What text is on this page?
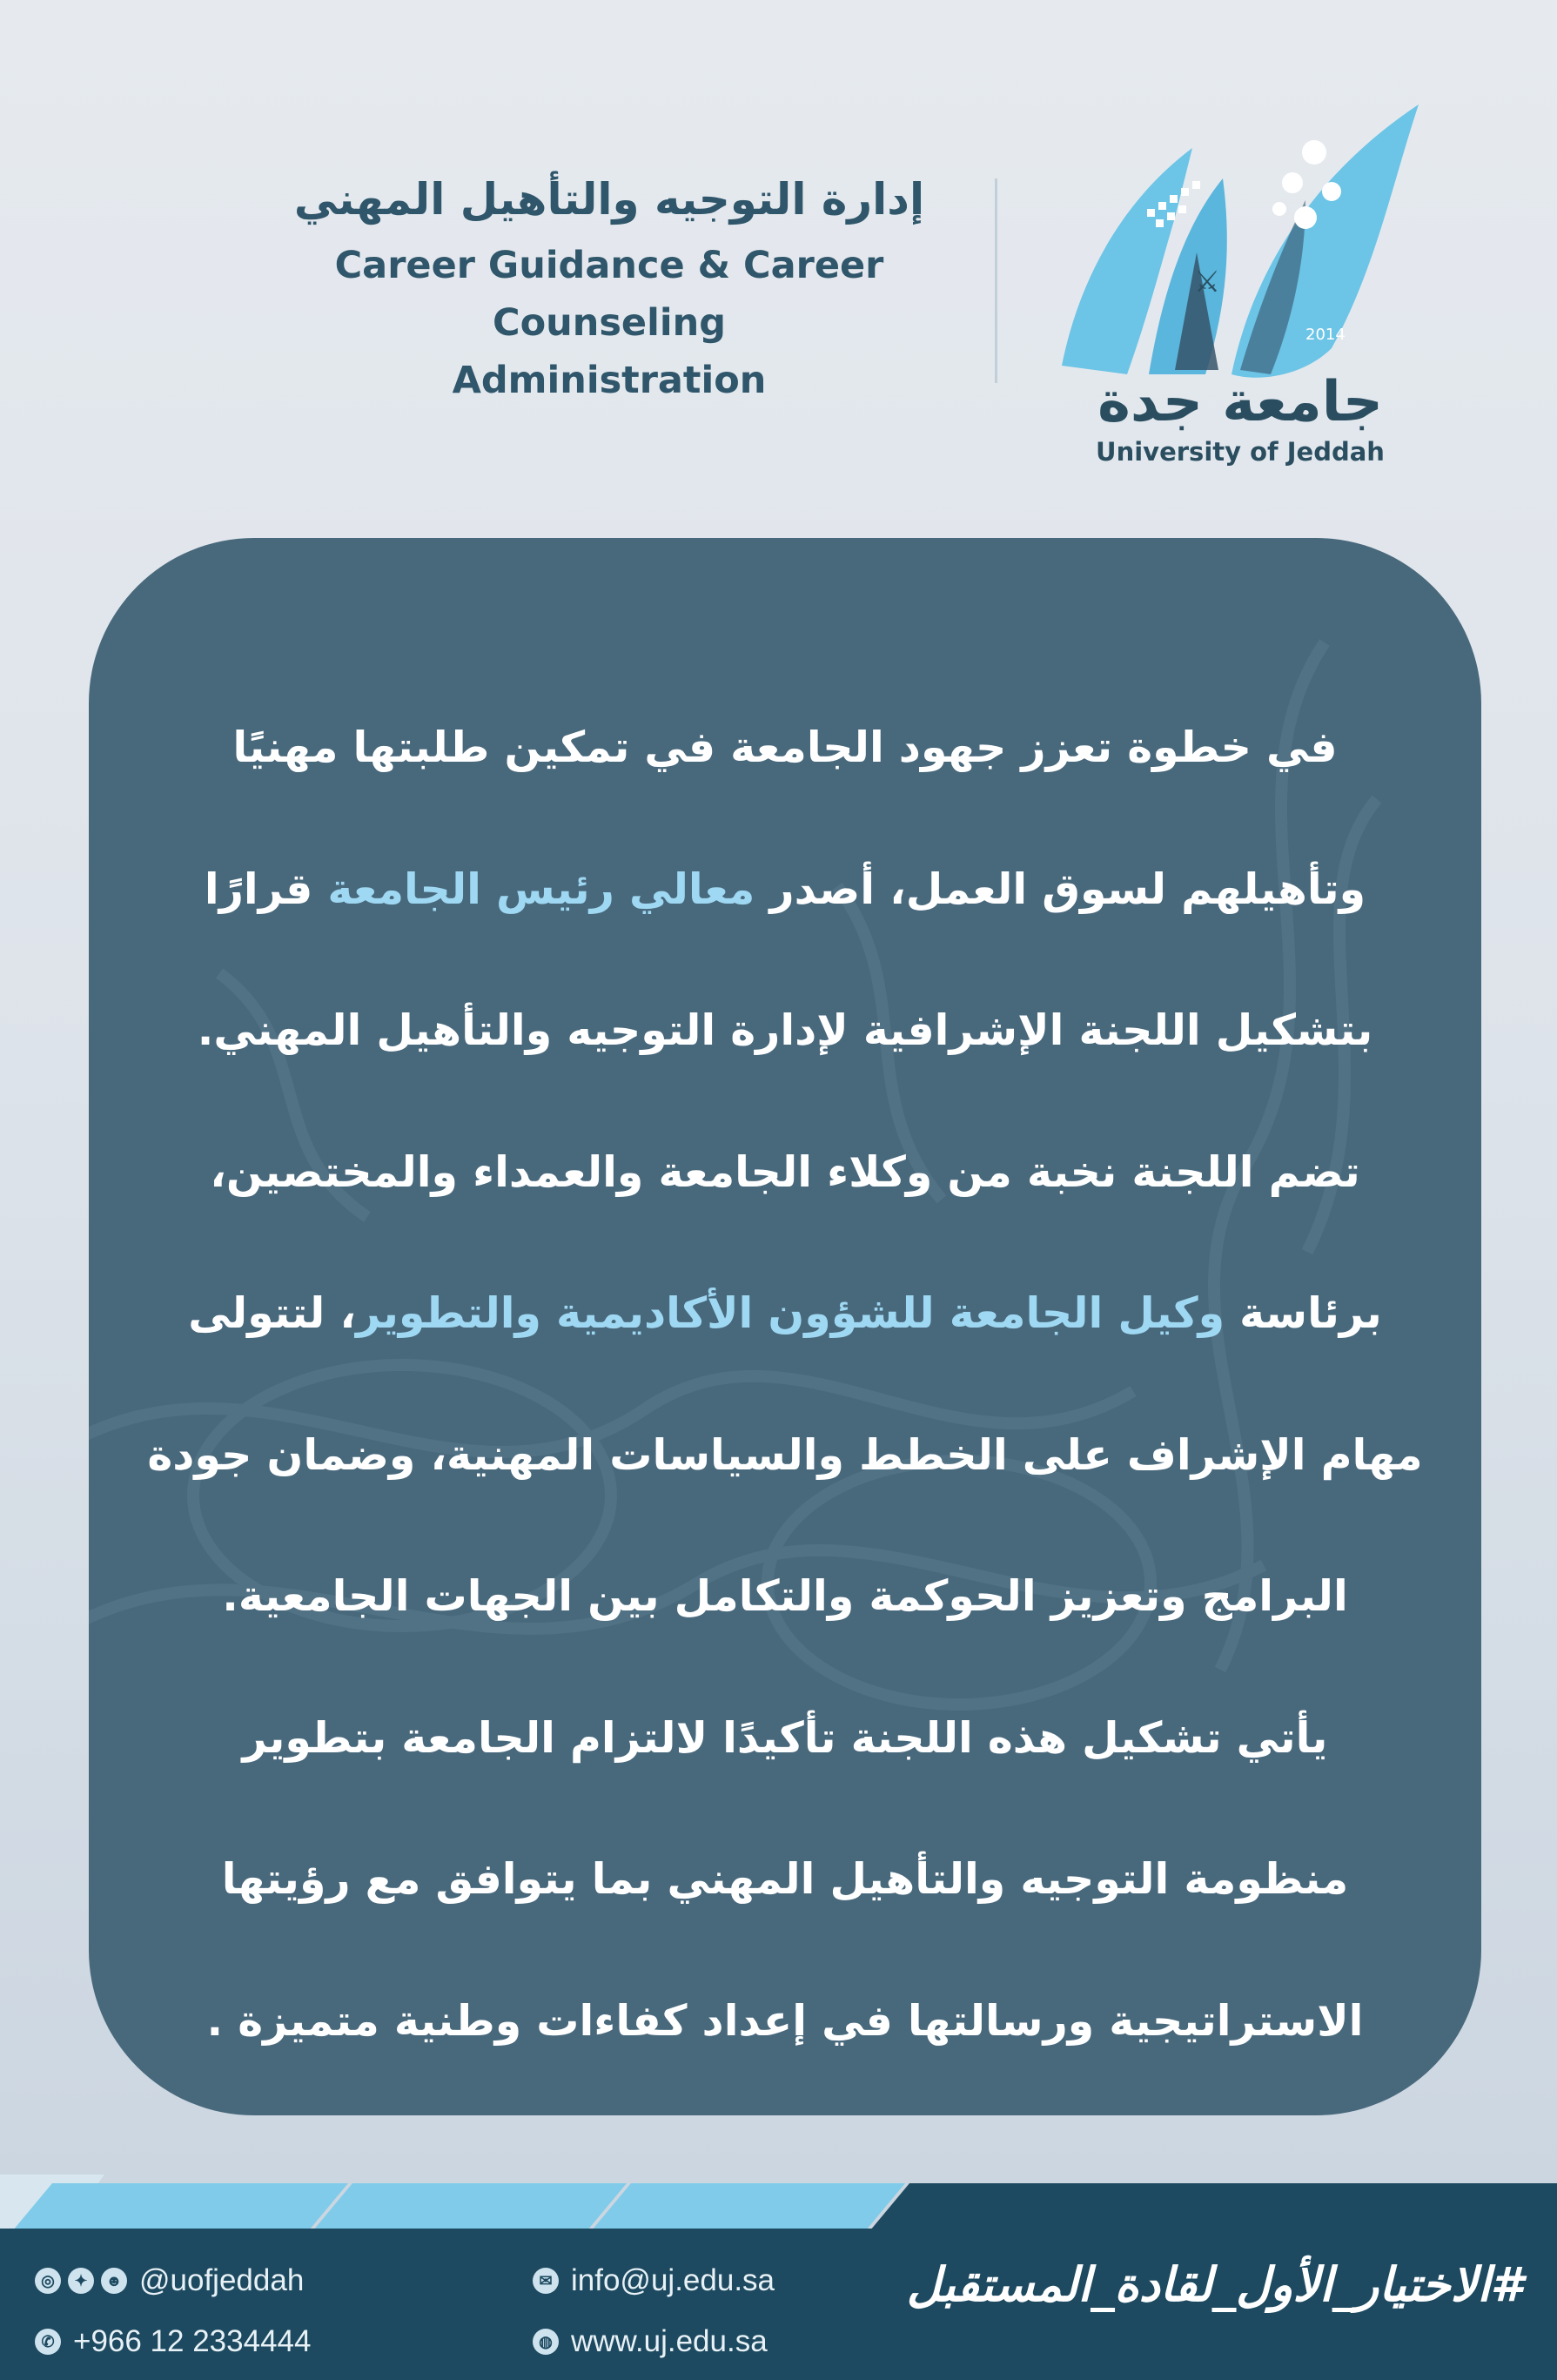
إدارة التوجيه والتأهيل المهني
Career Guidance & Career Counseling
Administration
⚔
2014
جامعة جدة
University of Jeddah
في خطوة تعزز جهود الجامعة في تمكين طلبتها مهنيًا
وتأهيلهم لسوق العمل، أصدر معالي رئيس الجامعة قرارًا
بتشكيل اللجنة الإشرافية لإدارة التوجيه والتأهيل المهني.
تضم اللجنة نخبة من وكلاء الجامعة والعمداء والمختصين،
برئاسة وكيل الجامعة للشؤون الأكاديمية والتطوير، لتتولى
مهام الإشراف على الخطط والسياسات المهنية، وضمان جودة
البرامج وتعزيز الحوكمة والتكامل بين الجهات الجامعية.
يأتي تشكيل هذه اللجنة تأكيدًا لالتزام الجامعة بتطوير
منظومة التوجيه والتأهيل المهني بما يتوافق مع رؤيتها
الاستراتيجية ورسالتها في إعداد كفاءات وطنية متميزة .
#الاختيار_الأول_لقادة_المستقبل
◎	✦	☻ @uofjeddah
✆ +966 12 2334444
✉ info@uj.edu.sa
◍ www.uj.edu.sa
